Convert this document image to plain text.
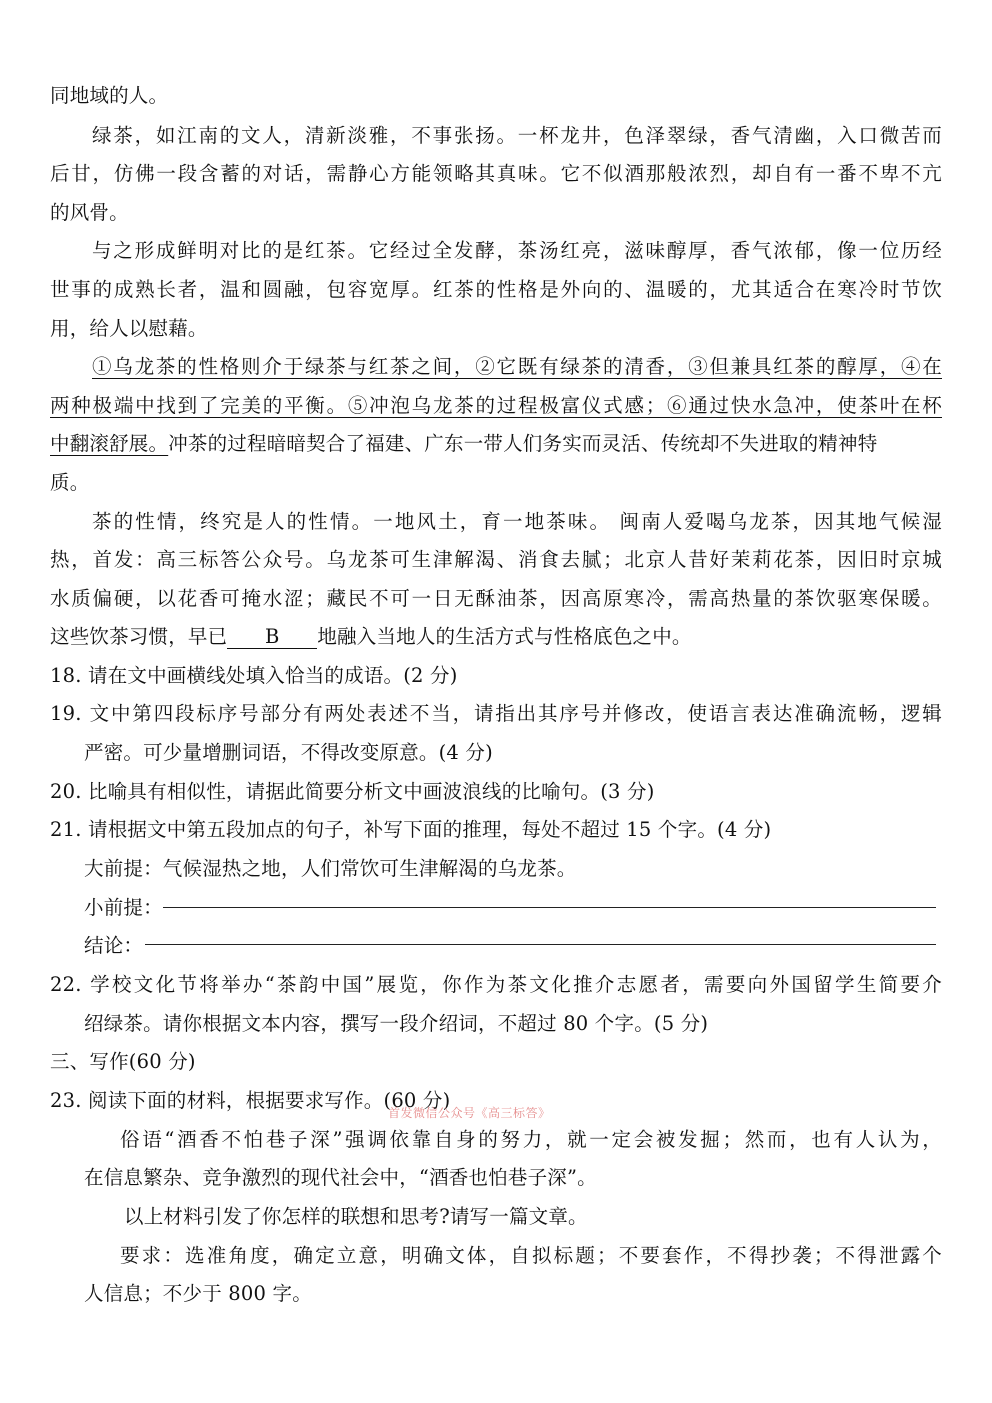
同地域的人。
绿茶，如江南的文人，清新淡雅，不事张扬。一杯龙井，色泽翠绿，香气清幽，入口微苦而
后甘，仿佛一段含蓄的对话，需静心方能领略其真味。它不似酒那般浓烈，却自有一番不卑不亢
的风骨。
与之形成鲜明对比的是红茶。它经过全发酵，茶汤红亮，滋味醇厚，香气浓郁，像一位历经
世事的成熟长者，温和圆融，包容宽厚。红茶的性格是外向的、温暖的，尤其适合在寒冷时节饮
用，给人以慰藉。
①乌龙茶的性格则介于绿茶与红茶之间，②它既有绿茶的清香，③但兼具红茶的醇厚，④在
两种极端中找到了完美的平衡。⑤冲泡乌龙茶的过程极富仪式感；⑥通过快水急冲，使茶叶在杯
中翻滚舒展。冲茶的过程暗暗契合了福建、广东一带人们务实而灵活、传统却不失进取的精神特
质。
茶的性情，终究是人的性情。一地风土，育一地茶味。 闽南人爱喝乌龙茶，因其地气候湿
热，首发：高三标答公众号。乌龙茶可生津解渴、消食去腻；北京人昔好茉莉花茶，因旧时京城
水质偏硬，以花香可掩水涩；藏民不可一日无酥油茶，因高原寒冷，需高热量的茶饮驱寒保暖。
这些饮茶习惯，早已 B 地融入当地人的生活方式与性格底色之中。
18. 请在文中画横线处填入恰当的成语。(2 分)
19. 文中第四段标序号部分有两处表述不当，请指出其序号并修改，使语言表达准确流畅，逻辑
严密。可少量增删词语，不得改变原意。(4 分)
20. 比喻具有相似性，请据此简要分析文中画波浪线的比喻句。(3 分)
21. 请根据文中第五段加点的句子，补写下面的推理，每处不超过 15 个字。(4 分)
大前提：气候湿热之地，人们常饮可生津解渴的乌龙茶。
小前提：
结论：
22. 学校文化节将举办“茶韵中国”展览，你作为茶文化推介志愿者，需要向外国留学生简要介
绍绿茶。请你根据文本内容，撰写一段介绍词，不超过 80 个字。(5 分)
三、写作(60 分)
23. 阅读下面的材料，根据要求写作。(60 分)
首发微信公众号《高三标答》
俗语“酒香不怕巷子深”强调依靠自身的努力，就一定会被发掘；然而，也有人认为，
在信息繁杂、竞争激烈的现代社会中，“酒香也怕巷子深”。
以上材料引发了你怎样的联想和思考?请写一篇文章。
要求：选准角度，确定立意，明确文体，自拟标题；不要套作，不得抄袭；不得泄露个
人信息；不少于 800 字。
